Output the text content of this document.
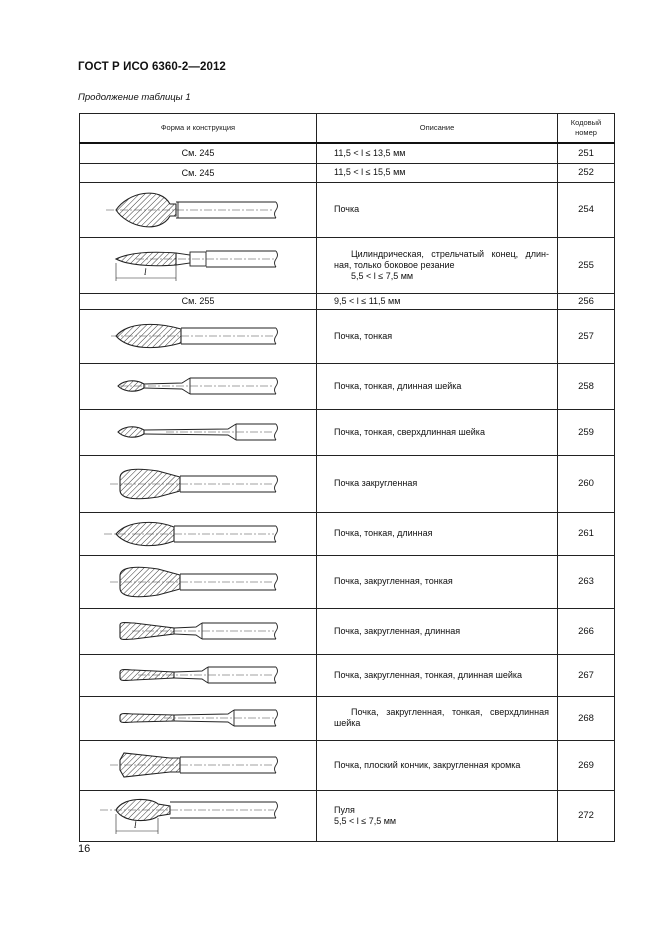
ГОСТ Р ИСО 6360-2—2012
Продолжение таблицы 1
Форма и конструкция	Описание	Кодовый номер
См. 245	11,5 < l ≤ 13,5 мм	251
См. 245	11,5 < l ≤ 15,5 мм	252

Почка	254

l	Цилиндрическая, стрельчатый конец, длин-
ная, только боковое резание
5,5 < l ≤ 7,5 мм	255
См. 255	9,5 < l ≤ 11,5 мм	256

Почка, тонкая	257

Почка, тонкая, длинная шейка	258

Почка, тонкая, сверхдлинная шейка	259

Почка закругленная	260

Почка, тонкая, длинная	261

Почка, закругленная, тонкая	263

Почка, закругленная, длинная	266

Почка, закругленная, тонкая, длинная шейка	267

Почка, закругленная, тонкая, сверхдлинная
шейка	268

Почка, плоский кончик, закругленная кромка	269

l	Пуля
5,5 < l ≤ 7,5 мм	272
16
